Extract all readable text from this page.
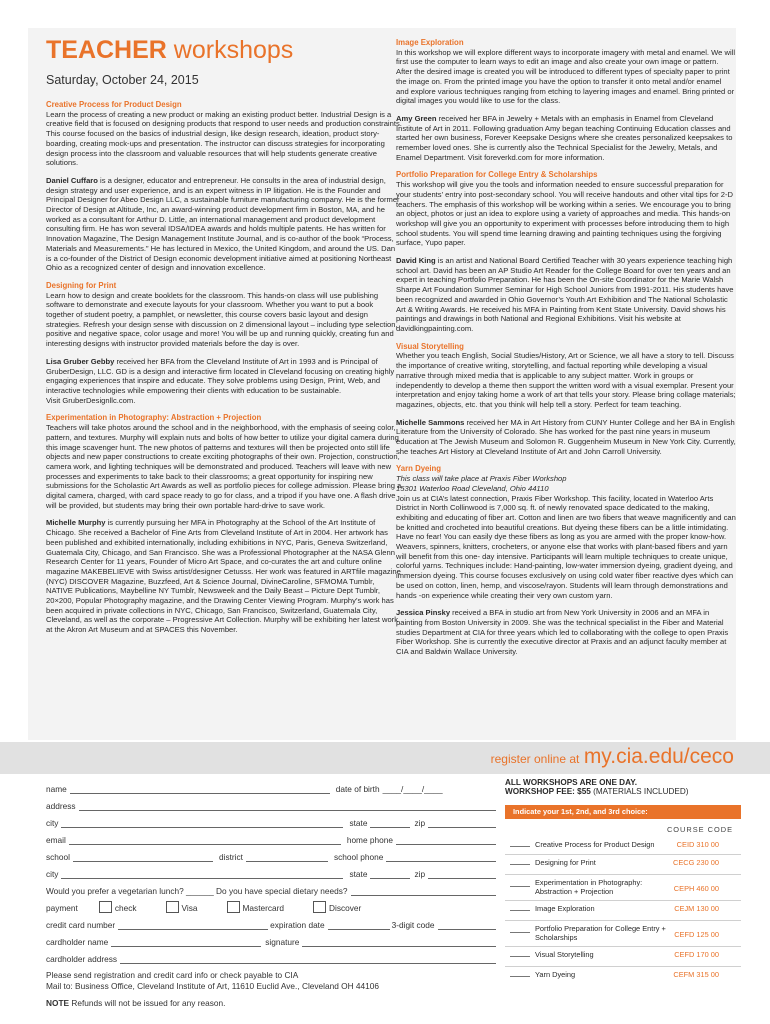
TEACHER workshops
Saturday, October 24, 2015
Creative Process for Product Design

Learn the process of creating a new product or making an existing product better. Industrial Design is a creative field that is focused on designing products that respond to user needs and production constraints. This course focused on the basics of industrial design, like design research, ideation, product story-boarding, creating mock-ups and presentation. The instructor can discuss strategies for incorporating design process into the classroom and valuable resources that will help students generate creative solutions.

Daniel Cuffaro is a designer, educator and entrepreneur. He consults in the area of industrial design, design strategy and user experience, and is an expert witness in IP litigation. He is the Founder and Principal Designer for Abeo Design LLC, a sustainable furniture manufacturing company. He is the former Director of Design at Altitude, Inc, an award-winning product development firm in Boston, MA, and he worked as a consultant for Arthur D. Little, an international management and product development consulting firm. He has won several IDSA/IDEA awards and holds multiple patents. He has written for Innovation Magazine, The Design Management Institute Journal, and is co-author of the book “Process, Materials and Measurements.” He has lectured in Mexico, the United Kingdom, and around the US. Dan is a co-founder of the District of Design economic development initiative aimed at positioning Northeast Ohio as a recognized center of design and innovation excellence.

Designing for Print

Learn how to design and create booklets for the classroom. This hands-on class will use publishing software to demonstrate and execute layouts for your classroom. Whether you want to put a book together of student poetry, a pamphlet, or newsletter, this course covers basic layout and design strategies. Refresh your design sense with discussion on 2 dimensional layout – including type selection, positive and negative space, color usage and more! You will be up and running quickly, creating fun and interesting designs with instructor provided materials before the day is over.

Lisa Gruber Gebby received her BFA from the Cleveland Institute of Art in 1993 and is Principal of GruberDesign, LLC. GD is a design and interactive firm located in Cleveland focusing on creating highly engaging experiences that inspire and educate. They solve problems using Design, Print, Web, and interactive technologies while empowering their clients with education to be sustainable.
Visit GruberDesignllc.com.

Experimentation in Photography: Abstraction + Projection

Teachers will take photos around the school and in the neighborhood, with the emphasis of seeing color, pattern, and textures. Murphy will explain nuts and bolts of how better to utilize your digital camera during this image scavenger hunt. The new photos of patterns and textures will then be projected onto still life objects and new paper constructions to create exciting photographs of their own. Projection, construction, camera work, and lighting techniques will be demonstrated and produced. Teachers will leave with new processes and experiments to take back to their classrooms; a great opportunity for inspiring new submissions for the Scholastic Art Awards as well as portfolio pieces for college admission. Please bring a digital camera, charged, with card space ready to go for class, and a tripod if you have one. A flash drive will be provided, but students may bring their own portable hard-drive to save work.

Michelle Murphy is currently pursuing her MFA in Photography at the School of the Art Institute of Chicago. She received a Bachelor of Fine Arts from Cleveland Institute of Art in 2004. Her artwork has been published and exhibited internationally, including exhibitions in NYC, Paris, Geneva Switzerland, Guatemala City, Chicago, and San Francisco. She was a Professional Photographer at the NASA Glenn Research Center for 11 years, Founder of Micro Art Space, and co-curates the art and culture online magazine MAKEBELIEVE with Swiss artist/designer Cetusss. Her work was featured in ARTfile magazine (NYC) DISCOVER Magazine, Buzzfeed, Art & Science Journal, DivineCaroline, SFMOMA Tumblr, NATIVE Publications, Maybelline NY Tumblr, Newsweek and the Daily Beast – Picture Dept Tumblr, 20×200, Popular Photography magazine, and the Drawing Center Viewing Program. Murphy’s work has been acquired in private collections in NYC, Chicago, San Francisco, Switzerland, Guatemala City, Cleveland, as well as the corporate – Progressive Art Collection. Murphy will be exhibiting her latest work at the Akron Art Museum and at SPACES this November.

Image Exploration

In this workshop we will explore different ways to incorporate imagery with metal and enamel. We will first use the computer to learn ways to edit an image and also create your own image or pattern. After the desired image is created you will be introduced to different types of specialty paper to print the image on. From the printed image you have the option to transfer it onto metal and/or enamel and explore various techniques ranging from etching to layering images and enamel. Bring printed or digital images you would like to use for the class.

Amy Green received her BFA in Jewelry + Metals with an emphasis in Enamel from Cleveland Institute of Art in 2011. Following graduation Amy began teaching Continuing Education classes and started her own business, Forever Keepsake Designs where she creates personalized keepsakes to remember loved ones. She is currently also the Technical Specialist for the Jewelry, Metals, and Enamel Department. Visit foreverkd.com for more information.

Portfolio Preparation for College Entry & Scholarships

This workshop will give you the tools and information needed to ensure successful preparation for your students’ entry into post-secondary school. You will receive handouts and other vital tips for 2-D teachers. The emphasis of this workshop will be working within a series. We encourage you to bring an object, photos or just an idea to explore using a variety of approaches and media. This hands-on workshop will give you an opportunity to experiment with processes before introducing them to high school students. You will spend time learning drawing and painting techniques using the forgiving surface, Yupo paper.

David King is an artist and National Board Certified Teacher with 30 years experience teaching high school art. David has been an AP Studio Art Reader for the College Board for over ten years and an expert in teaching Portfolio Preparation. He has been the On-site Coordinator for the Marie Walsh Sharpe Art Foundation Summer Seminar for High School Juniors from 1991-2011. His students have been recognized and awarded in Ohio Governor’s Youth Art Exhibition and The National Scholastic Art & Writing Awards. He received his MFA in Painting from Kent State University. David shows his paintings and drawings in both National and Regional Exhibitions. Visit his website at davidkingpainting.com.

Visual Storytelling

Whether you teach English, Social Studies/History, Art or Science, we all have a story to tell. Discuss the importance of creative writing, storytelling, and factual reporting while developing a visual narrative through mixed media that is applicable to any subject matter. Work in groups or independently to develop a theme then support the written word with a visual exemplar. Present your interpretation and enjoy taking home a work of art that tells your story. Please bring collage materials; magazines, objects, etc. that you think will help tell a story. Perfect for team teaching.

Michelle Sammons received her MA in Art History from CUNY Hunter College and her BA in English Literature from the University of Colorado. She has worked for the past nine years in museum education at The Jewish Museum and Solomon R. Guggenheim Museum in New York City. Currently, she teaches Art History at Cleveland Institute of Art and John Carroll University.

Yarn Dyeing
This class will take place at Praxis Fiber Workshop
15301 Waterloo Road Cleveland, Ohio 44110

Join us at CIA’s latest connection, Praxis Fiber Workshop. This facility, located in Waterloo Arts District in North Collinwood is 7,000 sq. ft. of newly renovated space dedicated to the making, exhibiting and educating of fiber art. Cotton and linen are two fibers that weave magnificently and can be knitted and crocheted into beautiful creations. But dyeing these fibers can be a little intimidating. Have no fear! You can easily dye these fibers as long as you are armed with the proper know-how. Weavers, spinners, knitters, crocheters, or anyone else that works with plant-based fibers and yarn will benefit from this one- day intensive. Participants will learn multiple techniques to create unique, colorful yarns. Techniques include: Hand-painting, low-water immersion dyeing, gradient dyeing, and immersion dyeing. This course focuses exclusively on using cold water fiber reactive dyes which can be used on cotton, linen, hemp, and viscose/rayon. Students will learn through demonstrations and hands -on experience while creating their very own custom yarn.

Jessica Pinsky received a BFA in studio art from New York University in 2006 and an MFA in painting from Boston University in 2009. She was the technical specialist in the Fiber and Material studies Department at CIA for three years which led to collaborating with the college to open Praxis Fiber Workshop. She is currently the executive director at Praxis and an adjunct faculty member at CIA and Baldwin Wallace University.

register online at my.cia.edu/ceco
name	date of birth ____/____/____
address
city	state	zip
email	home phone
school	district	school phone
city	state	zip
Would you prefer a vegetarian lunch? ______ Do you have special dietary needs?
payment	check	Visa	Mastercard	Discover
credit card number	expiration date	3-digit code
cardholder name	signature
cardholder address
Please send registration and credit card info or check payable to CIA
Mail to: Business Office, Cleveland Institute of Art, 11610 Euclid Ave., Cleveland OH 44106
NOTE Refunds will not be issued for any reason.
ALL WORKSHOPS ARE ONE DAY.
WORKSHOP FEE: $55 (MATERIALS INCLUDED)
Indicate your 1st, 2nd, and 3rd choice:
COURSE CODE
Creative Process for Product Design	CEID 310 00
Designing for Print	CECG 230 00
Experimentation in Photography: Abstraction + Projection	CEPH 460 00
Image Exploration	CEJM 130 00
Portfolio Preparation for College Entry + Scholarships	CEFD 125 00
Visual Storytelling	CEFD 170 00
Yarn Dyeing	CEFM 315 00
